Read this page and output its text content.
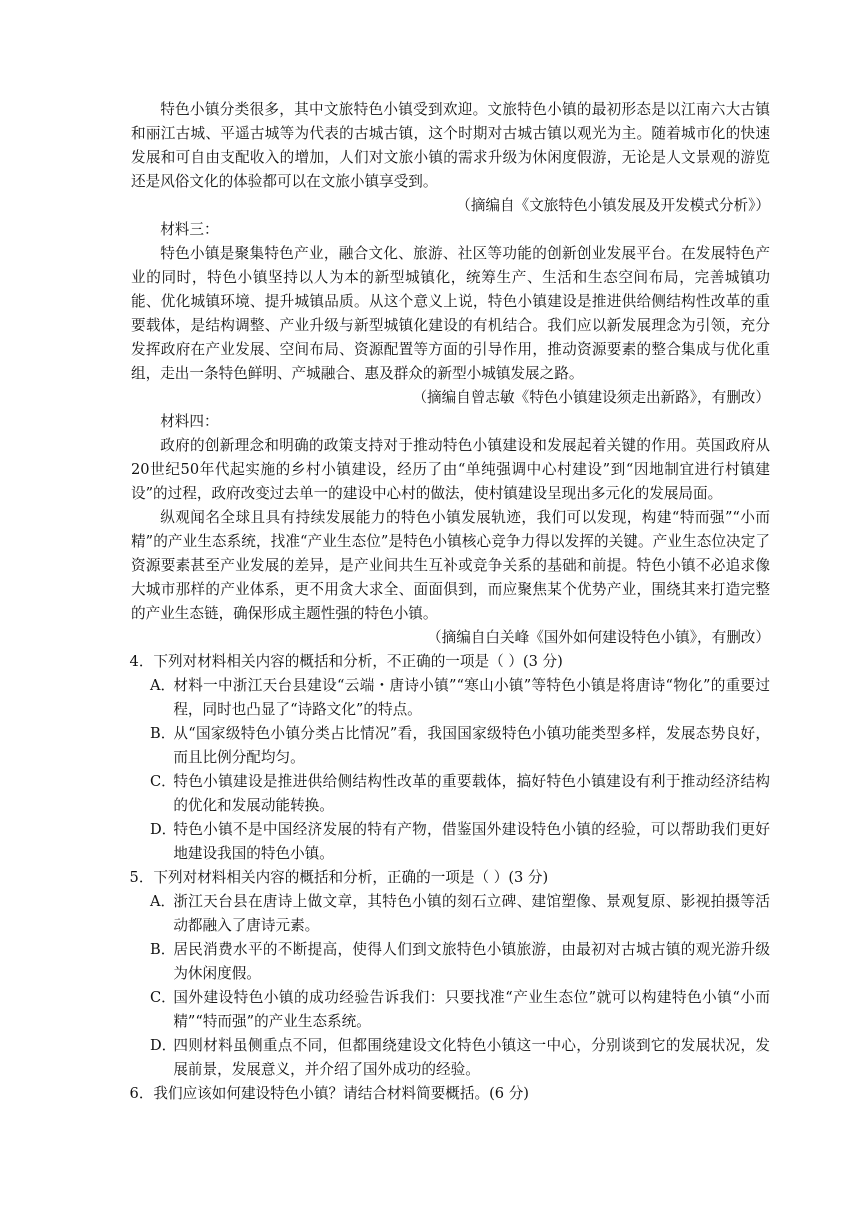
特色小镇分类很多，其中文旅特色小镇受到欢迎。文旅特色小镇的最初形态是以江南六大古镇和丽江古城、平遥古城等为代表的古城古镇，这个时期对古城古镇以观光为主。随着城市化的快速发展和可自由支配收入的增加，人们对文旅小镇的需求升级为休闲度假游，无论是人文景观的游览还是风俗文化的体验都可以在文旅小镇享受到。

（摘编自《文旅特色小镇发展及开发模式分析》）

材料三：

特色小镇是聚集特色产业，融合文化、旅游、社区等功能的创新创业发展平台。在发展特色产业的同时，特色小镇坚持以人为本的新型城镇化，统筹生产、生活和生态空间布局，完善城镇功能、优化城镇环境、提升城镇品质。从这个意义上说，特色小镇建设是推进供给侧结构性改革的重要载体，是结构调整、产业升级与新型城镇化建设的有机结合。我们应以新发展理念为引领，充分发挥政府在产业发展、空间布局、资源配置等方面的引导作用，推动资源要素的整合集成与优化重组，走出一条特色鲜明、产城融合、惠及群众的新型小城镇发展之路。

（摘编自曾志敏《特色小镇建设须走出新路》，有删改）

材料四：

政府的创新理念和明确的政策支持对于推动特色小镇建设和发展起着关键的作用。英国政府从20世纪50年代起实施的乡村小镇建设，经历了由“单纯强调中心村建设”到“因地制宜进行村镇建设”的过程，政府改变过去单一的建设中心村的做法，使村镇建设呈现出多元化的发展局面。

纵观闻名全球且具有持续发展能力的特色小镇发展轨迹，我们可以发现，构建“特而强”“小而精”的产业生态系统，找准“产业生态位”是特色小镇核心竞争力得以发挥的关键。产业生态位决定了资源要素甚至产业发展的差异，是产业间共生互补或竞争关系的基础和前提。特色小镇不必追求像大城市那样的产业体系，更不用贪大求全、面面俱到，而应聚焦某个优势产业，围绕其来打造完整的产业生态链，确保形成主题性强的特色小镇。

（摘编自白关峰《国外如何建设特色小镇》，有删改）

4．下列对材料相关内容的概括和分析，不正确的一项是（ ）(3 分)

A．
材料一中浙江天台县建设“云端・唐诗小镇”“寒山小镇”等特色小镇是将唐诗“物化”的重要过程，同时也凸显了“诗路文化”的特点。
B．
从“国家级特色小镇分类占比情况”看，我国国家级特色小镇功能类型多样，发展态势良好，而且比例分配均匀。
C．
特色小镇建设是推进供给侧结构性改革的重要载体，搞好特色小镇建设有利于推动经济结构的优化和发展动能转换。
D．
特色小镇不是中国经济发展的特有产物，借鉴国外建设特色小镇的经验，可以帮助我们更好地建设我国的特色小镇。

5．下列对材料相关内容的概括和分析，正确的一项是（ ）(3 分)

A．
浙江天台县在唐诗上做文章，其特色小镇的刻石立碑、建馆塑像、景观复原、影视拍摄等活动都融入了唐诗元素。
B．
居民消费水平的不断提高，使得人们到文旅特色小镇旅游，由最初对古城古镇的观光游升级为休闲度假。
C．
国外建设特色小镇的成功经验告诉我们：只要找准“产业生态位”就可以构建特色小镇“小而精”“特而强”的产业生态系统。
D．
四则材料虽侧重点不同，但都围绕建设文化特色小镇这一中心，分别谈到它的发展状况，发展前景，发展意义，并介绍了国外成功的经验。

6．我们应该如何建设特色小镇？请结合材料简要概括。(6 分)
